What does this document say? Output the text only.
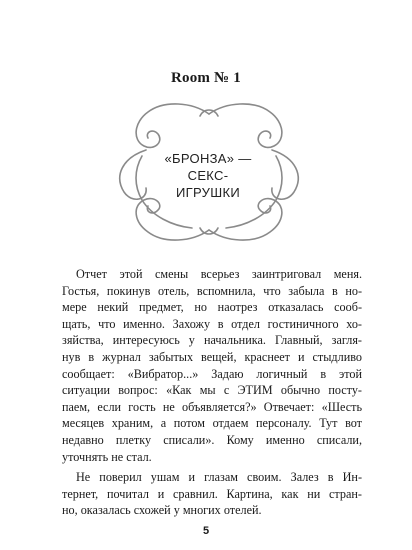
Room № 1
«БРОНЗА» —
СЕКС-
ИГРУШКИ
Отчет этой смены всерьез заинтриговал меня.
Гостья, покинув отель, вспомнила, что забыла в но-
мере некий предмет, но наотрез отказалась сооб-
щать, что именно. Захожу в отдел гостиничного хо-
зяйства, интересуюсь у начальника. Главный, загля-
нув в журнал забытых вещей, краснеет и стыдливо
сообщает: «Вибратор...» Задаю логичный в этой
ситуации вопрос: «Как мы с ЭТИМ обычно посту-
паем, если гость не объявляется?» Отвечает: «Шесть
месяцев храним, а потом отдаем персоналу. Тут вот
недавно плетку списали». Кому именно списали,
уточнять не стал.
Не поверил ушам и глазам своим. Залез в Ин-
тернет, почитал и сравнил. Картина, как ни стран-
но, оказалась схожей у многих отелей.
5
